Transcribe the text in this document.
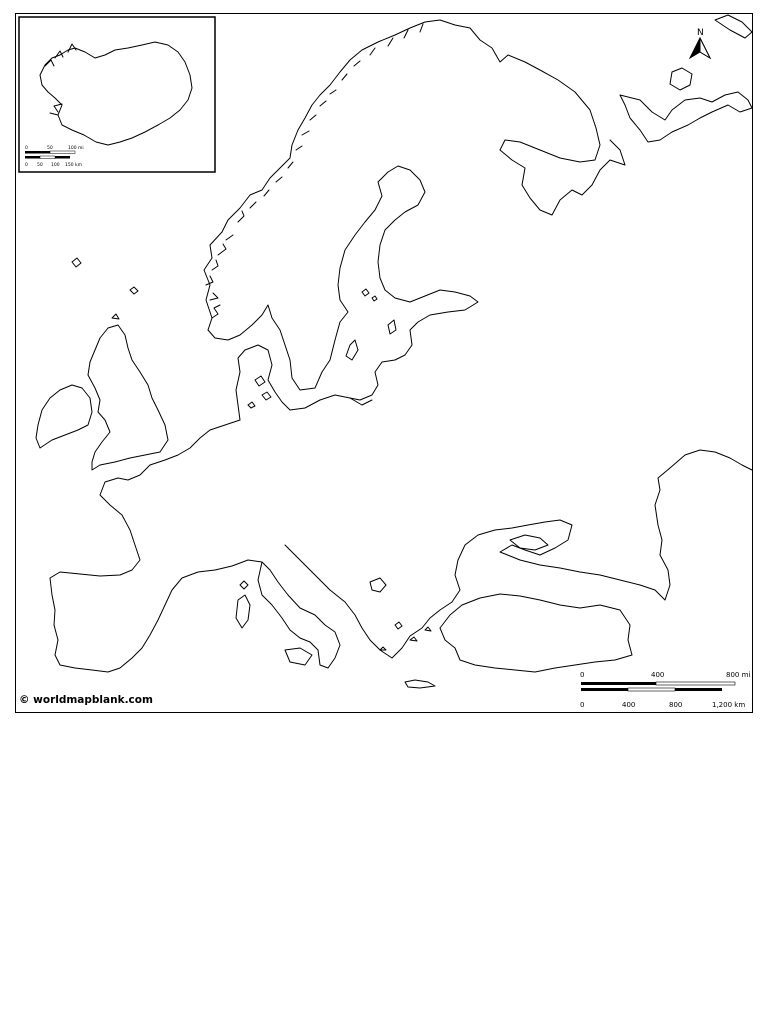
0	50	100 mi
0 50 100 150 km
N
0	400	800 mi
0	400	800	1,200 km
© worldmapblank.com
